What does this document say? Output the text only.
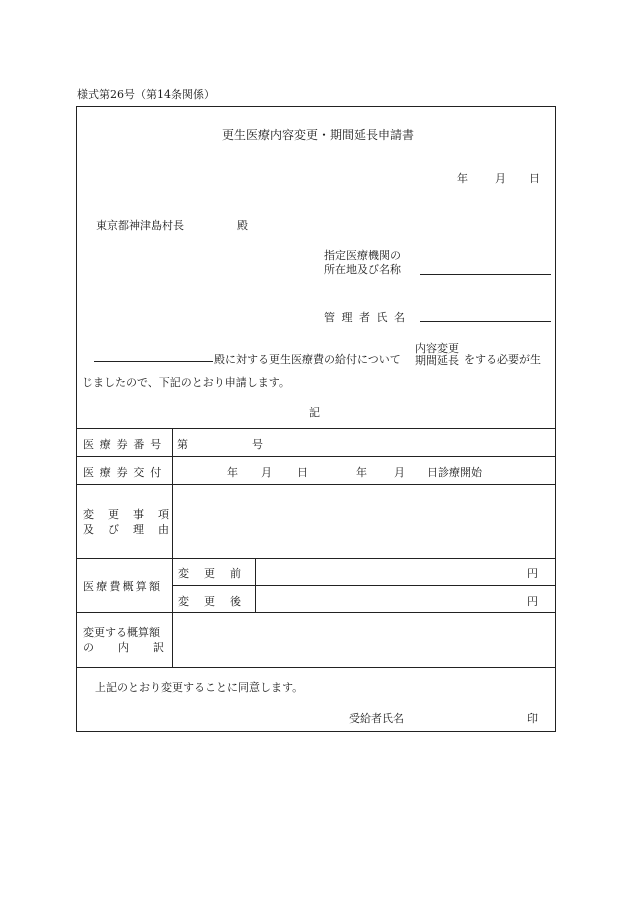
様式第26号（第14条関係）
更生医療内容変更・期間延長申請書
年 月 日
東京都神津島村長	殿
指定医療機関の
所在地及び名称
管理者氏名
殿に対する更生医療費の給付について
内容変更
期間延長 をする必要が生
じましたので、下記のとおり申請します。
記
医療券番号 第	号
医療券交付	年 月 日	年 月 日診療開始
変更事項
及び理由
医療費概算額
変更前	円
変更後	円
変更する概算額
の内訳
上記のとおり変更することに同意します。
受給者氏名	印
